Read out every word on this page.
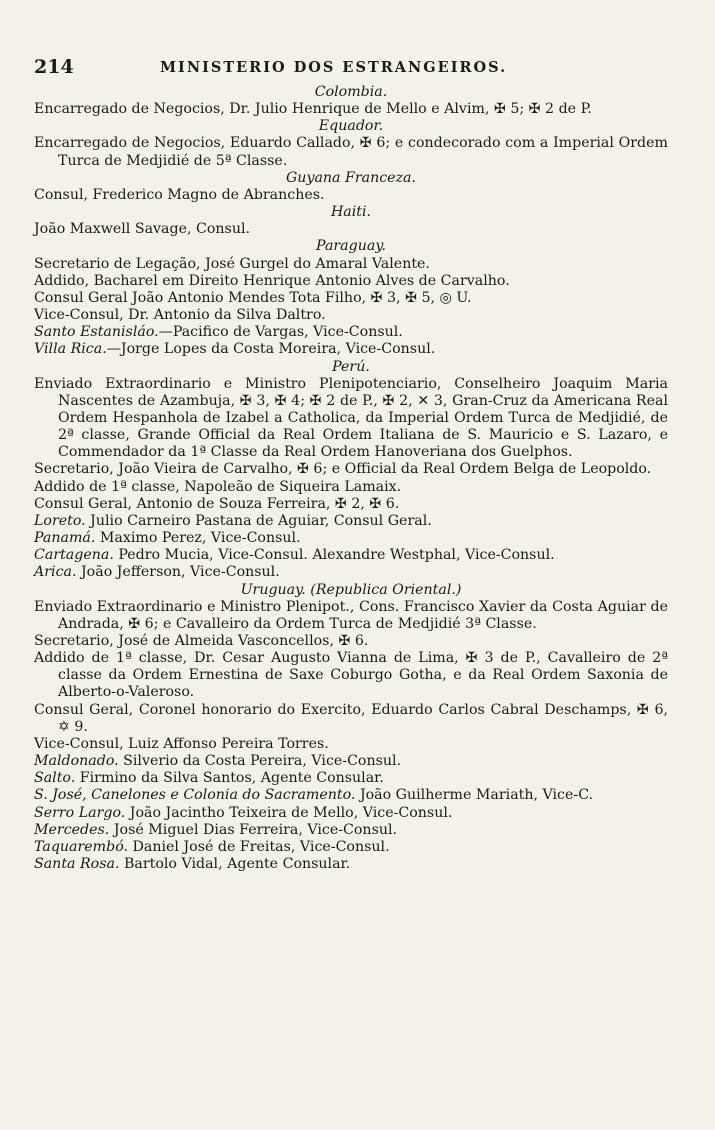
214	MINISTERIO DOS ESTRANGEIROS.
Colombia.
Encarregado de Negocios, Dr. Julio Henrique de Mello e Alvim, ✠ 5; ✠ 2 de P.
Equador.
Encarregado de Negocios, Eduardo Callado, ✠ 6; e condecorado com a Imperial Ordem Turca de Medjidié de 5ª Classe.
Guyana Franceza.
Consul, Frederico Magno de Abranches.
Haiti.
João Maxwell Savage, Consul.
Paraguay.
Secretario de Legação, José Gurgel do Amaral Valente.
Addido, Bacharel em Direito Henrique Antonio Alves de Carvalho.
Consul Geral João Antonio Mendes Tota Filho, ✠ 3, ✠ 5, ◎ U.
Vice-Consul, Dr. Antonio da Silva Daltro.
Santo Estanisláo.—Pacifico de Vargas, Vice-Consul.
Villa Rica.—Jorge Lopes da Costa Moreira, Vice-Consul.
Perú.
Enviado Extraordinario e Ministro Plenipotenciario, Conselheiro Joaquim Maria Nascentes de Azambuja, ✠ 3, ✠ 4; ✠ 2 de P., ✠ 2, ✕ 3, Gran-Cruz da Americana Real Ordem Hespanhola de Izabel a Catholica, da Imperial Ordem Turca de Medjidié, de 2ª classe, Grande Official da Real Ordem Italiana de S. Mauricio e S. Lazaro, e Commendador da 1ª Classe da Real Ordem Hanoveriana dos Guelphos.
Secretario, João Vieira de Carvalho, ✠ 6; e Official da Real Ordem Belga de Leopoldo.
Addido de 1ª classe, Napoleão de Siqueira Lamaix.
Consul Geral, Antonio de Souza Ferreira, ✠ 2, ✠ 6.
Loreto. Julio Carneiro Pastana de Aguiar, Consul Geral.
Panamá. Maximo Perez, Vice-Consul.
Cartagena. Pedro Mucia, Vice-Consul. Alexandre Westphal, Vice-Consul.
Arica. João Jefferson, Vice-Consul.
Uruguay. (Republica Oriental.)
Enviado Extraordinario e Ministro Plenipot., Cons. Francisco Xavier da Costa Aguiar de Andrada, ✠ 6; e Cavalleiro da Ordem Turca de Medjidié 3ª Classe.
Secretario, José de Almeida Vasconcellos, ✠ 6.
Addido de 1ª classe, Dr. Cesar Augusto Vianna de Lima, ✠ 3 de P., Cavalleiro de 2ª classe da Ordem Ernestina de Saxe Coburgo Gotha, e da Real Ordem Saxonia de Alberto-o-Valeroso.
Consul Geral, Coronel honorario do Exercito, Eduardo Carlos Cabral Deschamps, ✠ 6, ✡ 9.
Vice-Consul, Luiz Affonso Pereira Torres.
Maldonado. Silverio da Costa Pereira, Vice-Consul.
Salto. Firmino da Silva Santos, Agente Consular.
S. José, Canelones e Colonia do Sacramento. João Guilherme Mariath, Vice-C.
Serro Largo. João Jacintho Teixeira de Mello, Vice-Consul.
Mercedes. José Miguel Dias Ferreira, Vice-Consul.
Taquarembó. Daniel José de Freitas, Vice-Consul.
Santa Rosa. Bartolo Vidal, Agente Consular.
